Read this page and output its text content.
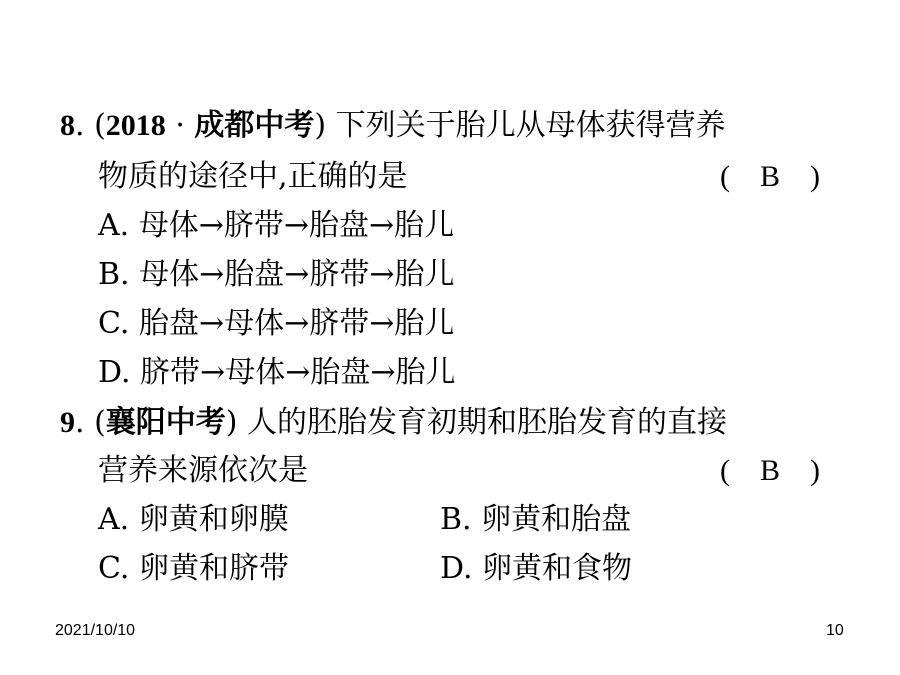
8. (2018 · 成都中考) 下列关于胎儿从母体获得营养
物质的途径中,正确的是	( B )
A. 母体→脐带→胎盘→胎儿
B. 母体→胎盘→脐带→胎儿
C. 胎盘→母体→脐带→胎儿
D. 脐带→母体→胎盘→胎儿
9. (襄阳中考) 人的胚胎发育初期和胚胎发育的直接
营养来源依次是	( B )
A. 卵黄和卵膜	B. 卵黄和胎盘
C. 卵黄和脐带	D. 卵黄和食物
2021/10/10	10
